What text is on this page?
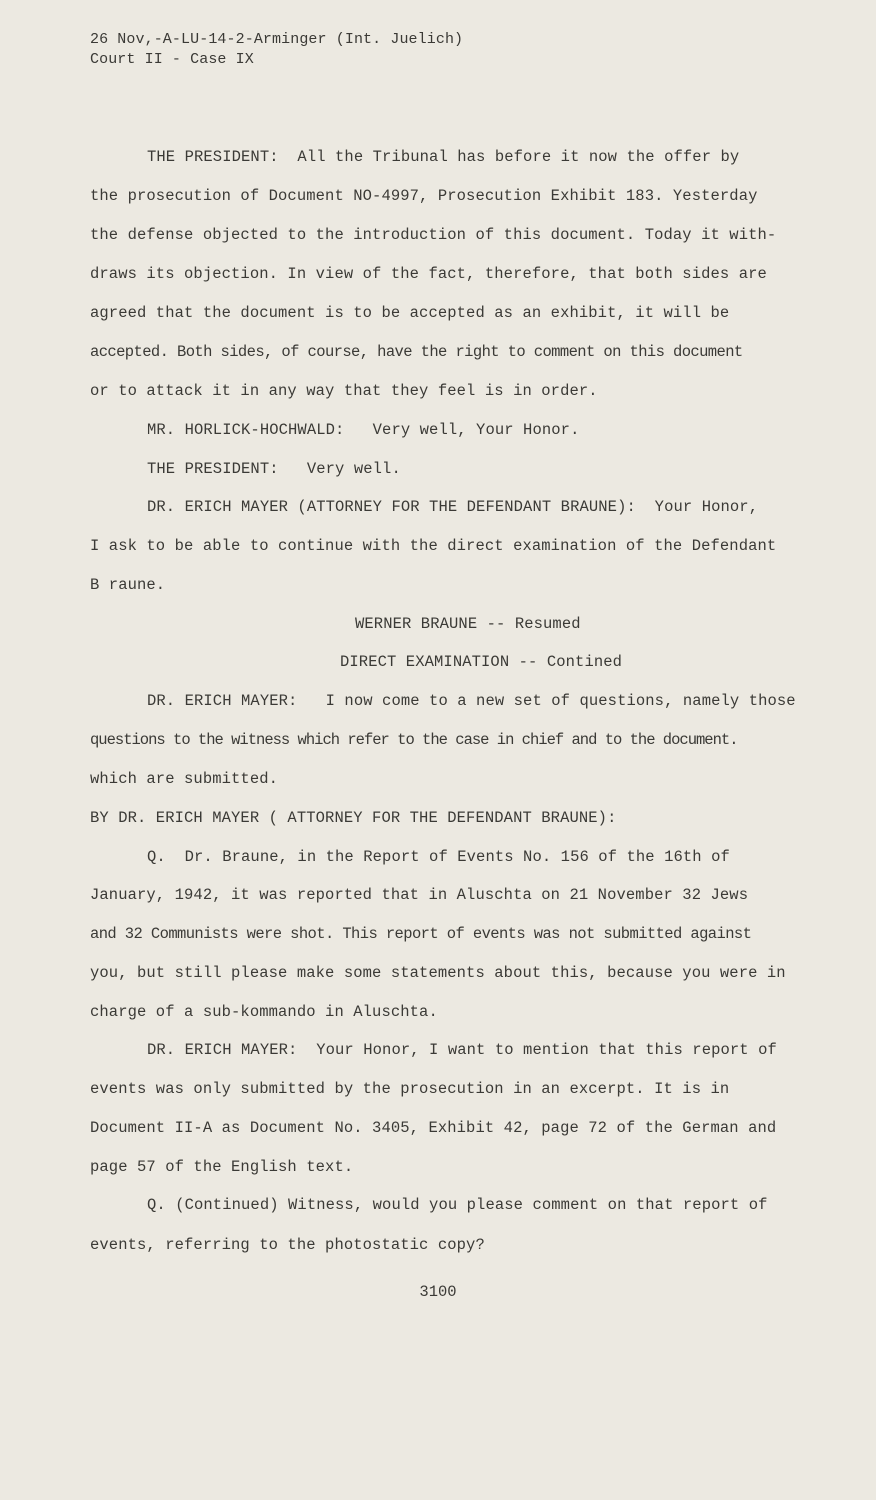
26 Nov,-A-LU-14-2-Arminger (Int. Juelich)
Court II - Case IX
THE PRESIDENT:  All the Tribunal has before it now the offer by
the prosecution of Document NO-4997, Prosecution Exhibit 183. Yesterday
the defense objected to the introduction of this document. Today it with-
draws its objection. In view of the fact, therefore, that both sides are
agreed that the document is to be accepted as an exhibit, it will be
accepted. Both sides, of course, have the right to comment on this document
or to attack it in any way that they feel is in order.
MR. HORLICK-HOCHWALD:   Very well, Your Honor.
THE PRESIDENT:   Very well.
DR. ERICH MAYER (ATTORNEY FOR THE DEFENDANT BRAUNE):  Your Honor,
I ask to be able to continue with the direct examination of the Defendant
B raune.
WERNER BRAUNE -- Resumed
DIRECT EXAMINATION -- Contined
DR. ERICH MAYER:   I now come to a new set of questions, namely those
questions to the witness which refer to the case in chief and to the document.
which are submitted.
BY DR. ERICH MAYER ( ATTORNEY FOR THE DEFENDANT BRAUNE):
Q.  Dr. Braune, in the Report of Events No. 156 of the 16th of
January, 1942, it was reported that in Aluschta on 21 November 32 Jews
and 32 Communists were shot. This report of events was not submitted against
you, but still please make some statements about this, because you were in
charge of a sub-kommando in Aluschta.
DR. ERICH MAYER:  Your Honor, I want to mention that this report of
events was only submitted by the prosecution in an excerpt. It is in
Document II-A as Document No. 3405, Exhibit 42, page 72 of the German and
page 57 of the English text.
Q. (Continued) Witness, would you please comment on that report of
events, referring to the photostatic copy?
3100
